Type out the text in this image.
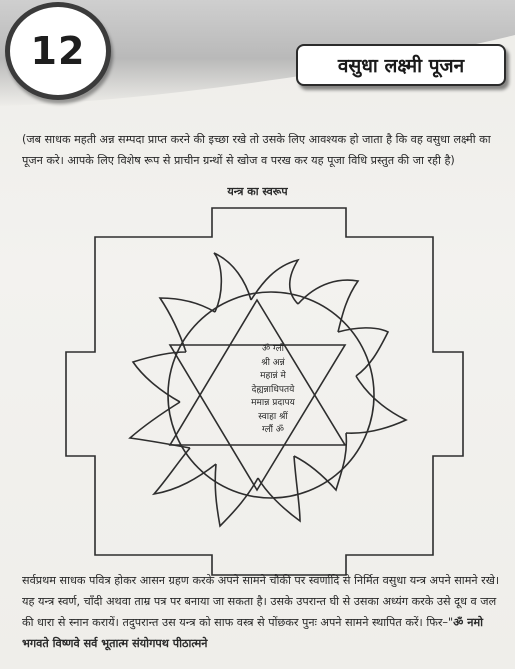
12	वसुधा लक्ष्मी पूजन

(जब साधक महती अन्न सम्पदा प्राप्त करने की इच्छा रखे तो उसके लिए आवश्यक हो जाता है कि वह वसुधा लक्ष्मी का पूजन करे। आपके लिए विशेष रूप से प्राचीन ग्रन्थों से खोज व परख कर यह पूजा विधि प्रस्तुत की जा रही है)

यन्त्र का स्वरूप
ॐ ग्लौं
श्री अन्नं
महान्नं मे
देह्यन्नाधिपतये
ममान्न प्रदापय
स्वाहा श्रीं
ग्लौं ॐ

सर्वप्रथम साधक पवित्र होकर आसन ग्रहण करके अपने सामने चौकी पर स्वर्णादि से निर्मित वसुधा यन्त्र अपने सामने रखे। यह यन्त्र स्वर्ण, चाँदी अथवा ताम्र पत्र पर बनाया जा सकता है। उसके उपरान्त घी से उसका अध्यंग करके उसे दूध व जल की धारा से स्नान करायें। तदुपरान्त उस यन्त्र को साफ वस्त्र से पोंछकर पुनः अपने सामने स्थापित करें। फिर–"ॐ नमो भगवते विष्णवे सर्व भूतात्म संयोगपथ पीठात्मने
